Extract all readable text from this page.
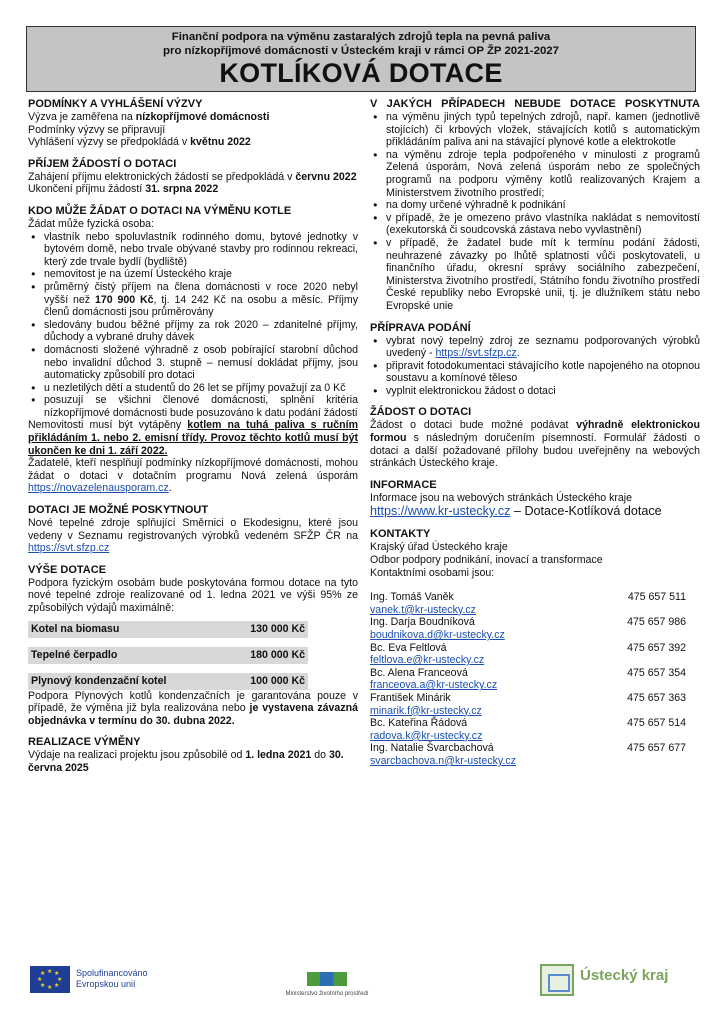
Finanční podpora na výměnu zastaralých zdrojů tepla na pevná paliva
pro nízkopříjmové domácnosti v Ústeckém kraji v rámci OP ŽP 2021-2027
KOTLÍKOVÁ DOTACE
PODMÍNKY A VYHLÁŠENÍ VÝZVY

Výzva je zaměřena na nízkopříjmové domácnosti

Podmínky výzvy se připravují

Vyhlášení výzvy se předpokládá v květnu 2022

PŘÍJEM ŽÁDOSTÍ O DOTACI

Zahájení příjmu elektronických žádostí se předpokládá v červnu 2022

Ukončení příjmu žádostí 31. srpna 2022

KDO MŮŽE ŽÁDAT O DOTACI NA VÝMĚNU KOTLE

Žádat může fyzická osoba:

● vlastník nebo spoluvlastník rodinného domu, bytové jednotky v bytovém domě, nebo trvale obývané stavby pro rodinnou rekreaci, který zde trvale bydlí (bydliště)
● nemovitost je na území Ústeckého kraje
● průměrný čistý příjem na člena domácnosti v roce 2020 nebyl vyšší než 170 900 Kč, tj. 14 242 Kč na osobu a měsíc. Příjmy členů domácnosti jsou průměrovány
● sledovány budou běžné příjmy za rok 2020 – zdanitelné příjmy, důchody a vybrané druhy dávek
● domácnosti složené výhradně z osob pobírající starobní důchod nebo invalidní důchod 3. stupně – nemusí dokládat příjmy, jsou automaticky způsobilí pro dotaci
● u nezletilých dětí a studentů do 26 let se příjmy považují za 0 Kč
● posuzují se všichni členové domácnosti, splnění kritéria nízkopříjmové domácnosti bude posuzováno k datu podání žádosti

Nemovitosti musí být vytápěny kotlem na tuhá paliva s ručním přikládáním 1. nebo 2. emisní třídy. Provoz těchto kotlů musí být ukončen ke dni 1. září 2022.

Žadatelé, kteří nesplňují podmínky nízkopříjmové domácnosti, mohou žádat o dotaci v dotačním programu Nová zelená úsporám https://novazelenausporam.cz.

DOTACI JE MOŽNÉ POSKYTNOUT

Nové tepelné zdroje splňující Směrnici o Ekodesignu, které jsou vedeny v Seznamu registrovaných výrobků vedeném SFŽP ČR na https://svt.sfzp.cz

VÝŠE DOTACE

Podpora fyzickým osobám bude poskytována formou dotace na tyto nové tepelné zdroje realizované od 1. ledna 2021 ve výši 95% ze způsobilých výdajů maximálně:

Kotel na biomasu	130 000 Kč
Tepelné čerpadlo	180 000 Kč
Plynový kondenzační kotel	100 000 Kč

Podpora Plynových kotlů kondenzačních je garantována pouze v případě, že výměna již byla realizována nebo je vystavena závazná objednávka v termínu do 30. dubna 2022.

REALIZACE VÝMĚNY

Výdaje na realizaci projektu jsou způsobilé od 1. ledna 2021 do 30. června 2025

V JAKÝCH PŘÍPADECH NEBUDE DOTACE POSKYTNUTA
● na výměnu jiných typů tepelných zdrojů, např. kamen (jednotlivě stojících) či krbových vložek, stávajících kotlů s automatickým přikládáním paliva ani na stávající plynové kotle a elektrokotle
● na výměnu zdroje tepla podpořeného v minulosti z programů Zelená úsporám, Nová zelená úsporám nebo ze společných programů na podporu výměny kotlů realizovaných Krajem a Ministerstvem životního prostředí;
● na domy určené výhradně k podnikání
● v případě, že je omezeno právo vlastníka nakládat s nemovitostí (exekutorská či soudcovská zástava nebo vyvlastnění)
● v případě, že žadatel bude mít k termínu podání žádosti, neuhrazené závazky po lhůtě splatnosti vůči poskytovateli, u finančního úřadu, okresní správy sociálního zabezpečení, Ministerstva životního prostředí, Státního fondu životního prostředí České republiky nebo Evropské unii, tj. je dlužníkem státu nebo Evropské unie
PŘÍPRAVA PODÁNÍ
● vybrat nový tepelný zdroj ze seznamu podporovaných výrobků uvedený - https://svt.sfzp.cz.
● připravit fotodokumentaci stávajícího kotle napojeného na otopnou soustavu a komínové těleso
● vyplnit elektronickou žádost o dotaci
ŽÁDOST O DOTACI

Žádost o dotaci bude možné podávat výhradně elektronickou formou s následným doručením písemností. Formulář žádosti o dotaci a další požadované přílohy budou uveřejněny na webových stránkách Ústeckého kraje.

INFORMACE

Informace jsou na webových stránkách Ústeckého kraje

https://www.kr-ustecky.cz – Dotace-Kotlíková dotace

KONTAKTY

Krajský úřad Ústeckého kraje

Odbor podpory podnikání, inovací a transformace

Kontaktními osobami jsou:

Ing. Tomáš Vaněk	475 657 511
vanek.t@kr-ustecky.cz
Ing. Darja Boudníková	475 657 986
boudnikova.d@kr-ustecky.cz
Bc. Eva Feltlová	475 657 392
feltlova.e@kr-ustecky.cz
Bc. Alena Franceová	475 657 354
franceova.a@kr-ustecky.cz
František Minárik	475 657 363
minarik.f@kr-ustecky.cz
Bc. Kateřina Řádová	475 657 514
radova.k@kr-ustecky.cz
Ing. Natalie Švarcbachová	475 657 677
svarcbachova.n@kr-ustecky.cz
★ ★
★
★
★
★
★
★	Spolufinancováno
Evropskou unií
Ministerstvo životního prostředí
Ústecký kraj
